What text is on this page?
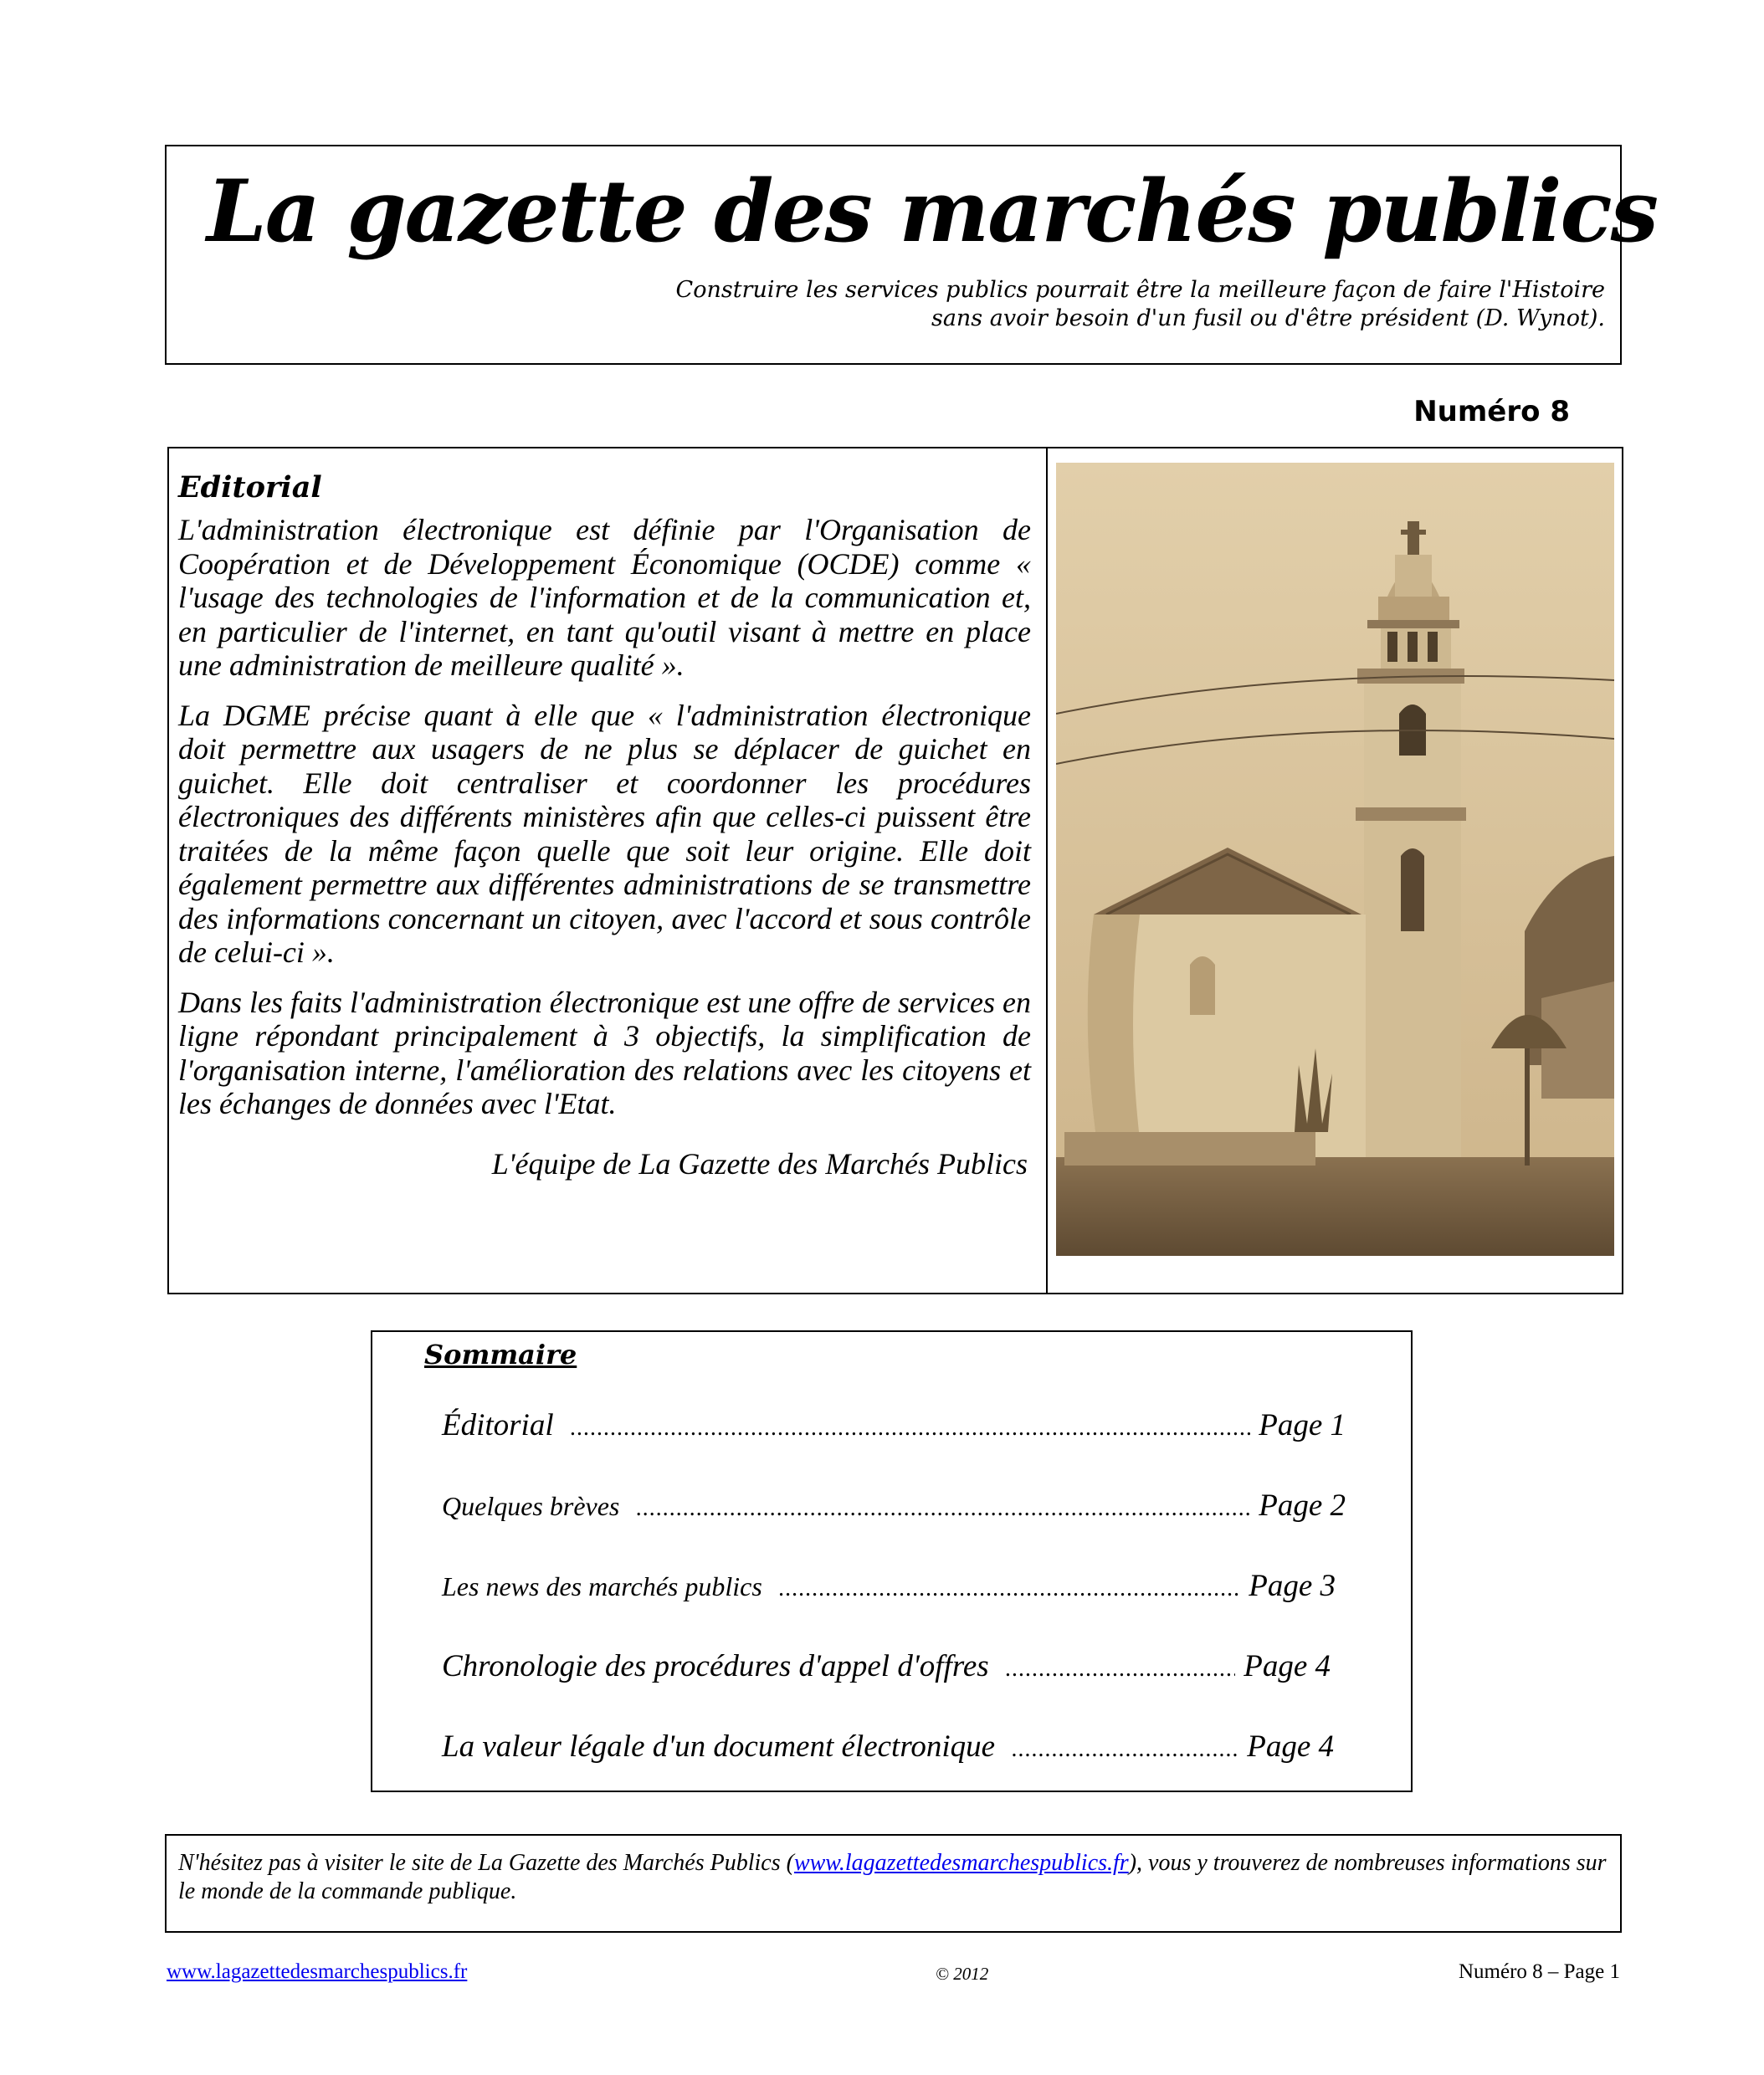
La gazette des marchés publics
Construire les services publics pourrait être la meilleure façon de faire l'Histoire
sans avoir besoin d'un fusil ou d'être président (D. Wynot).
Numéro 8
Editorial

L'administration électronique est définie par l'Organisation de Coopération et de Développement Économique (OCDE) comme « l'usage des technologies de l'information et de la communication et, en particulier de l'internet, en tant qu'outil visant à mettre en place une administration de meilleure qualité ».

La DGME précise quant à elle que « l'administration électronique doit permettre aux usagers de ne plus se déplacer de guichet en guichet. Elle doit centraliser et coordonner les procédures électroniques des différents ministères afin que celles-ci puissent être traitées de la même façon quelle que soit leur origine. Elle doit également permettre aux différentes administrations de se transmettre des informations concernant un citoyen, avec l'accord et sous contrôle de celui-ci ».

Dans les faits l'administration électronique est une offre de services en ligne répondant principalement à 3 objectifs, la simplification de l'organisation interne, l'amélioration des relations avec les citoyens et les échanges de données avec l'Etat.

L'équipe de La Gazette des Marchés Publics
Sommaire
Éditorial .....	Page 1
Quelques brèves .....	Page 2
Les news des marchés publics .....	Page 3
Chronologie des procédures d'appel d'offres .....	Page 4
La valeur légale d'un document électronique .....	Page 4
N'hésitez pas à visiter le site de La Gazette des Marchés Publics (www.lagazettedesmarchespublics.fr), vous y trouverez de nombreuses informations sur le monde de la commande publique.
www.lagazettedesmarchespublics.fr	© 2012	Numéro 8 – Page 1
